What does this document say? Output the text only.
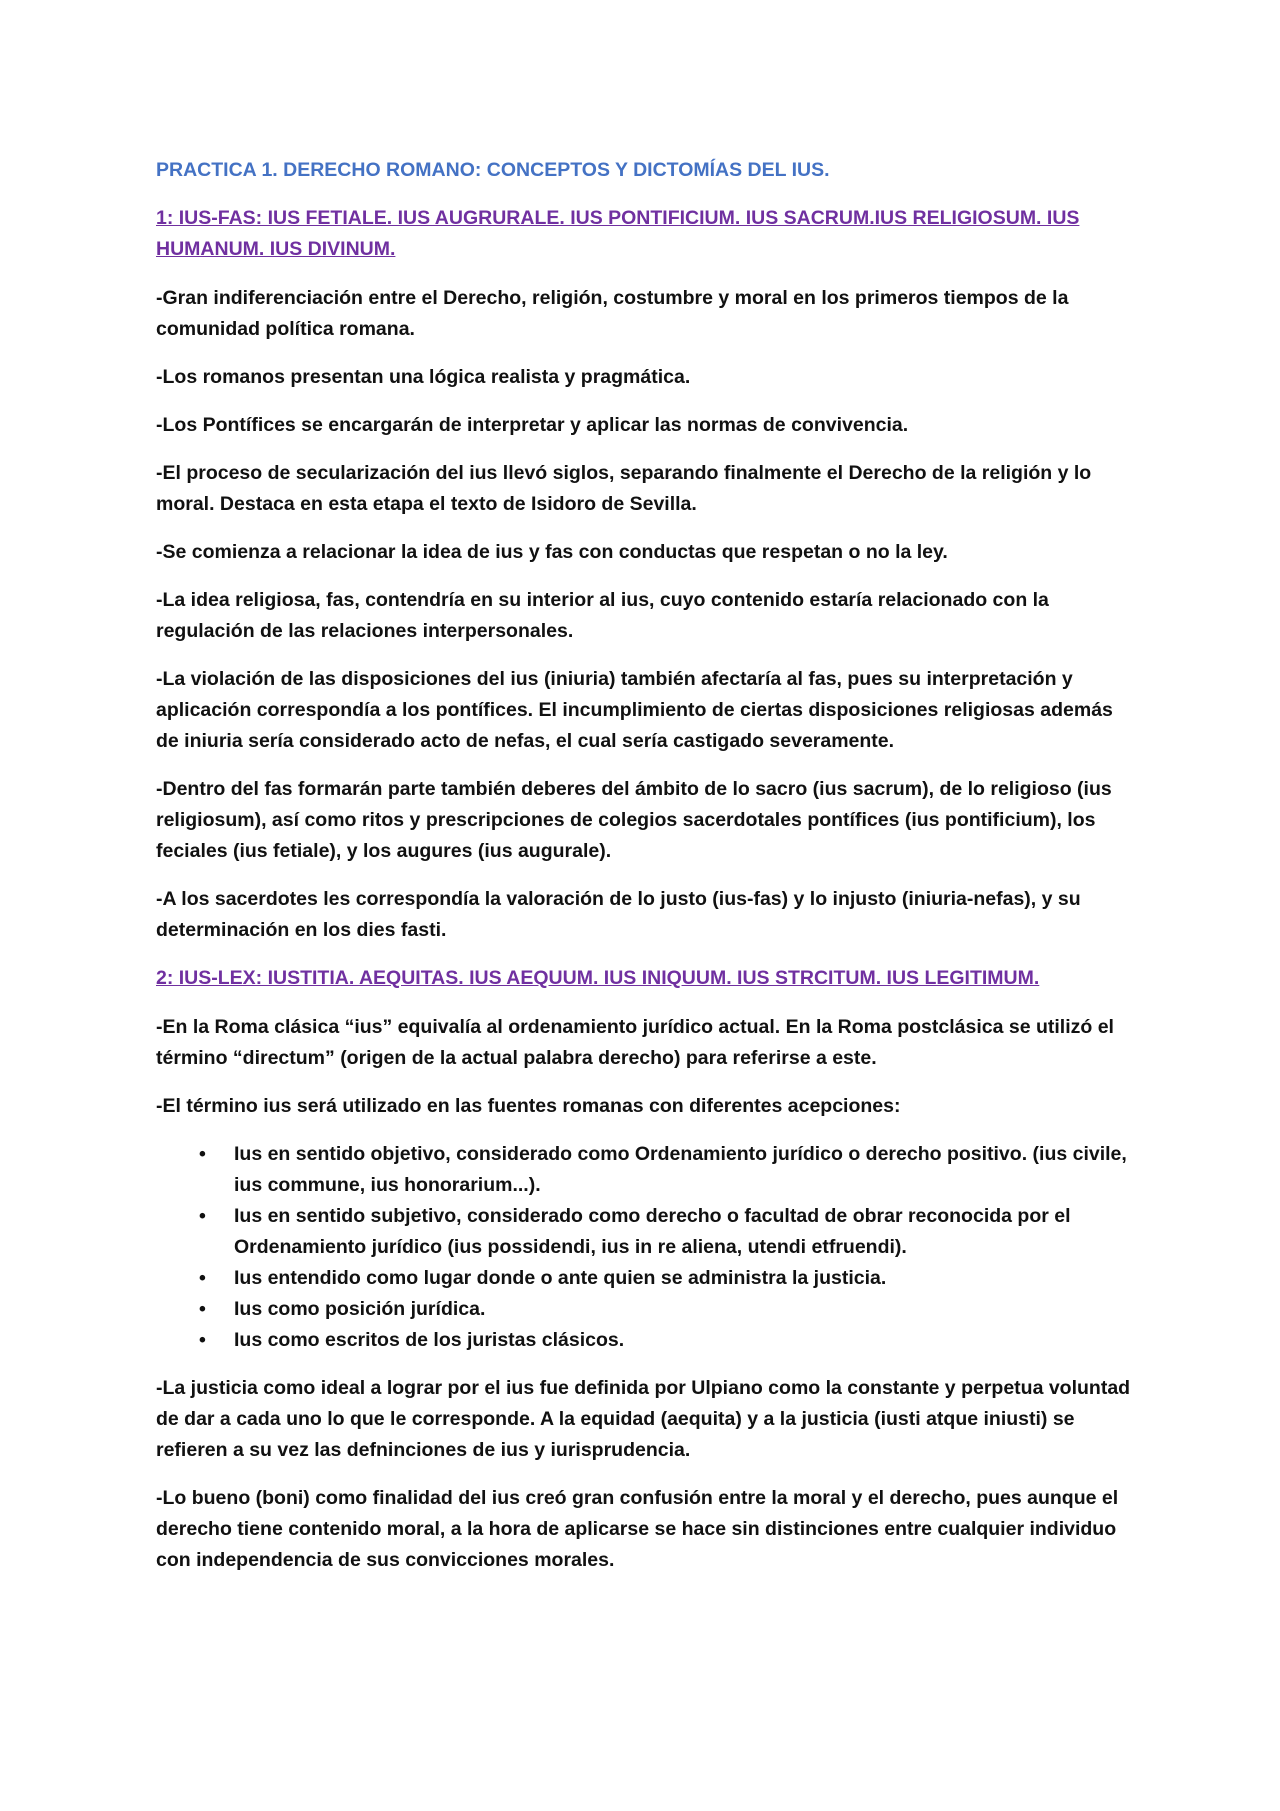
PRACTICA 1. DERECHO ROMANO: CONCEPTOS Y DICTOMÍAS DEL IUS.
1: IUS-FAS: IUS FETIALE. IUS AUGRURALE. IUS PONTIFICIUM. IUS SACRUM.IUS RELIGIOSUM. IUS HUMANUM. IUS DIVINUM.

-Gran indiferenciación entre el Derecho, religión, costumbre y moral en los primeros tiempos de la comunidad política romana.

-Los romanos presentan una lógica realista y pragmática.

-Los Pontífices se encargarán de interpretar y aplicar las normas de convivencia.

-El proceso de secularización del ius llevó siglos, separando finalmente el Derecho de la religión y lo moral. Destaca en esta etapa el texto de Isidoro de Sevilla.

-Se comienza a relacionar la idea de ius y fas con conductas que respetan o no la ley.

-La idea religiosa, fas, contendría en su interior al ius, cuyo contenido estaría relacionado con la regulación de las relaciones interpersonales.

-La violación de las disposiciones del ius (iniuria) también afectaría al fas, pues su interpretación y aplicación correspondía a los pontífices. El incumplimiento de ciertas disposiciones religiosas además de iniuria sería considerado acto de nefas, el cual sería castigado severamente.

-Dentro del fas formarán parte también deberes del ámbito de lo sacro (ius sacrum), de lo religioso (ius religiosum), así como ritos y prescripciones de colegios sacerdotales pontífices (ius pontificium), los feciales (ius fetiale), y los augures (ius augurale).

-A los sacerdotes les correspondía la valoración de lo justo (ius-fas) y lo injusto (iniuria-nefas), y su determinación en los dies fasti.

2: IUS-LEX: IUSTITIA. AEQUITAS. IUS AEQUUM. IUS INIQUUM. IUS STRCITUM. IUS LEGITIMUM.

-En la Roma clásica “ius” equivalía al ordenamiento jurídico actual. En la Roma postclásica se utilizó el término “directum” (origen de la actual palabra derecho) para referirse a este.

-El término ius será utilizado en las fuentes romanas con diferentes acepciones:

• Ius en sentido objetivo, considerado como Ordenamiento jurídico o derecho positivo. (ius civile, ius commune, ius honorarium...).
• Ius en sentido subjetivo, considerado como derecho o facultad de obrar reconocida por el Ordenamiento jurídico (ius possidendi, ius in re aliena, utendi etfruendi).
• Ius entendido como lugar donde o ante quien se administra la justicia.
• Ius como posición jurídica.
• Ius como escritos de los juristas clásicos.

-La justicia como ideal a lograr por el ius fue definida por Ulpiano como la constante y perpetua voluntad de dar a cada uno lo que le corresponde. A la equidad (aequita) y a la justicia (iusti atque iniusti) se refieren a su vez las defninciones de ius y iurisprudencia.

-Lo bueno (boni) como finalidad del ius creó gran confusión entre la moral y el derecho, pues aunque el derecho tiene contenido moral, a la hora de aplicarse se hace sin distinciones entre cualquier individuo con independencia de sus convicciones morales.
